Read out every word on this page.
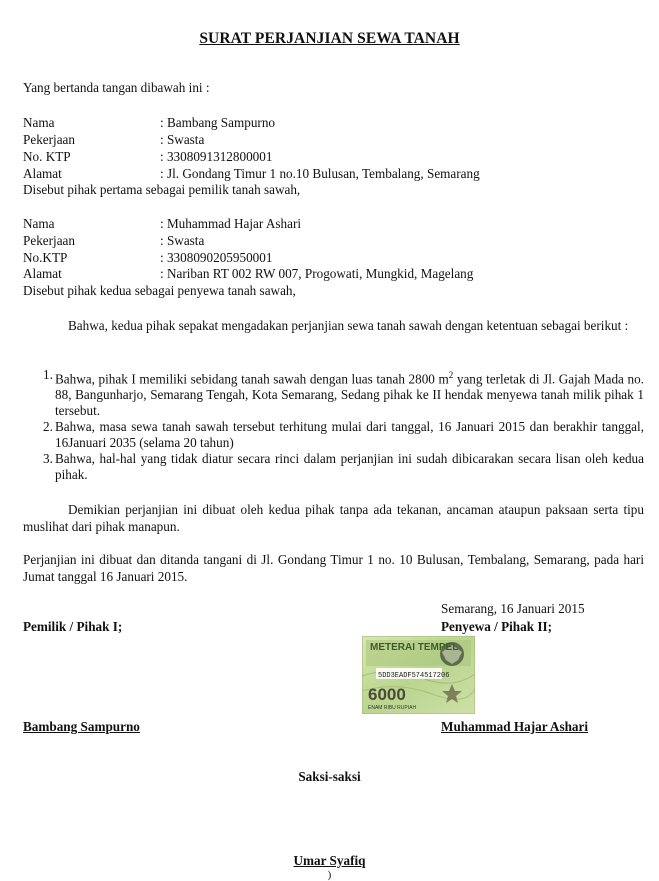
SURAT PERJANJIAN SEWA TANAH
Yang bertanda tangan dibawah ini :
Nama	: Bambang Sampurno
Pekerjaan	: Swasta
No. KTP	: 3308091312800001
Alamat	: Jl. Gondang Timur 1 no.10 Bulusan, Tembalang, Semarang
Disebut pihak pertama sebagai pemilik tanah sawah,
Nama	: Muhammad Hajar Ashari
Pekerjaan	: Swasta
No.KTP	: 3308090205950001
Alamat	: Nariban RT 002 RW 007, Progowati, Mungkid, Magelang
Disebut pihak kedua sebagai penyewa tanah sawah,
Bahwa, kedua pihak sepakat mengadakan perjanjian sewa tanah sawah dengan ketentuan sebagai berikut :
1. Bahwa, pihak I memiliki sebidang tanah sawah dengan luas tanah 2800 $m^2$ yang terletak di Jl. Gajah Mada no. 88, Bangunharjo, Semarang Tengah, Kota Semarang, Sedang pihak ke II hendak menyewa tanah milik pihak 1 tersebut.
2. Bahwa, masa sewa tanah sawah tersebut terhitung mulai dari tanggal, 16 Januari 2015 dan berakhir tanggal, 16Januari 2035 (selama 20 tahun)
3. Bahwa, hal-hal yang tidak diatur secara rinci dalam perjanjian ini sudah dibicarakan secara lisan oleh kedua pihak.
Demikian perjanjian ini dibuat oleh kedua pihak tanpa ada tekanan, ancaman ataupun paksaan serta tipu muslihat dari pihak manapun.
Perjanjian ini dibuat dan ditanda tangani di Jl. Gondang Timur 1 no. 10 Bulusan, Tembalang, Semarang, pada hari Jumat tanggal 16 Januari 2015.
Semarang, 16 Januari 2015
Pemilik / Pihak I;	Penyewa / Pihak II;
METERAI TEMPEL
5DD3EADF574517206
6000
ENAM RIBU RUPIAH
Bambang Sampurno	Muhammad Hajar Ashari
Saksi-saksi
Umar Syafiq
)
